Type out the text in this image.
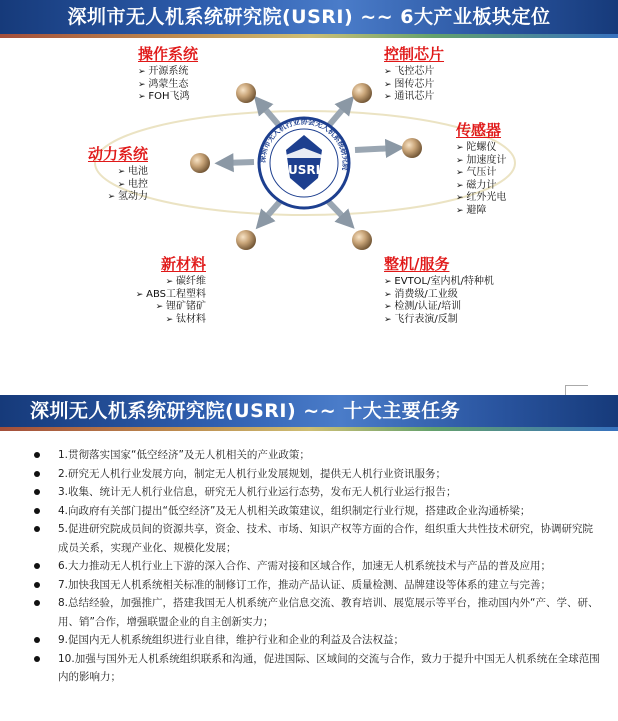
深圳市无人机系统研究院(USRI) ~~ 6大产业板块定位
深圳市无人机行业协会无人机系统研究院
USRI
操作系统
➢ 开源系统
➢ 鸿蒙生态
➢ FOH飞鸿
控制芯片
➢ 飞控芯片
➢ 图传芯片
➢ 通讯芯片
传感器
➢ 陀螺仪
➢ 加速度计
➢ 气压计
➢ 磁力计
➢ 红外光电
➢ 避障
动力系统
➢ 电池
➢ 电控
➢ 氢动力
新材料
➢ 碳纤维
➢ ABS工程塑料
➢ 锂矿锗矿
➢ 钛材料
整机/服务
➢ EVTOL/室内机/特种机
➢ 消费级/工业级
➢ 检测/认证/培训
➢ 飞行表演/反制
深圳无人机系统研究院(USRI) ~~ 十大主要任务
1.贯彻落实国家“低空经济”及无人机相关的产业政策；
2.研究无人机行业发展方向，制定无人机行业发展规划，提供无人机行业资讯服务；
3.收集、统计无人机行业信息，研究无人机行业运行态势，发布无人机行业运行报告；
4.向政府有关部门提出“低空经济”及无人机相关政策建议，组织制定行业行规，搭建政企业沟通桥梁；
5.促进研究院成员间的资源共享，资金、技术、市场、知识产权等方面的合作，组织重大共性技术研究，协调研究院成员关系，实现产业化、规模化发展；
6.大力推动无人机行业上下游的深入合作、产需对接和区域合作，加速无人机系统技术与产品的普及应用；
7.加快我国无人机系统相关标准的制修订工作，推动产品认证、质量检测、品牌建设等体系的建立与完善；
8.总结经验，加强推广，搭建我国无人机系统产业信息交流、教育培训、展览展示等平台，推动国内外“产、学、研、用、销”合作，增强联盟企业的自主创新实力；
9.促国内无人机系统组织进行业自律，维护行业和企业的利益及合法权益；
10.加强与国外无人机系统组织联系和沟通，促进国际、区域间的交流与合作，致力于提升中国无人机系统在全球范围内的影响力；
